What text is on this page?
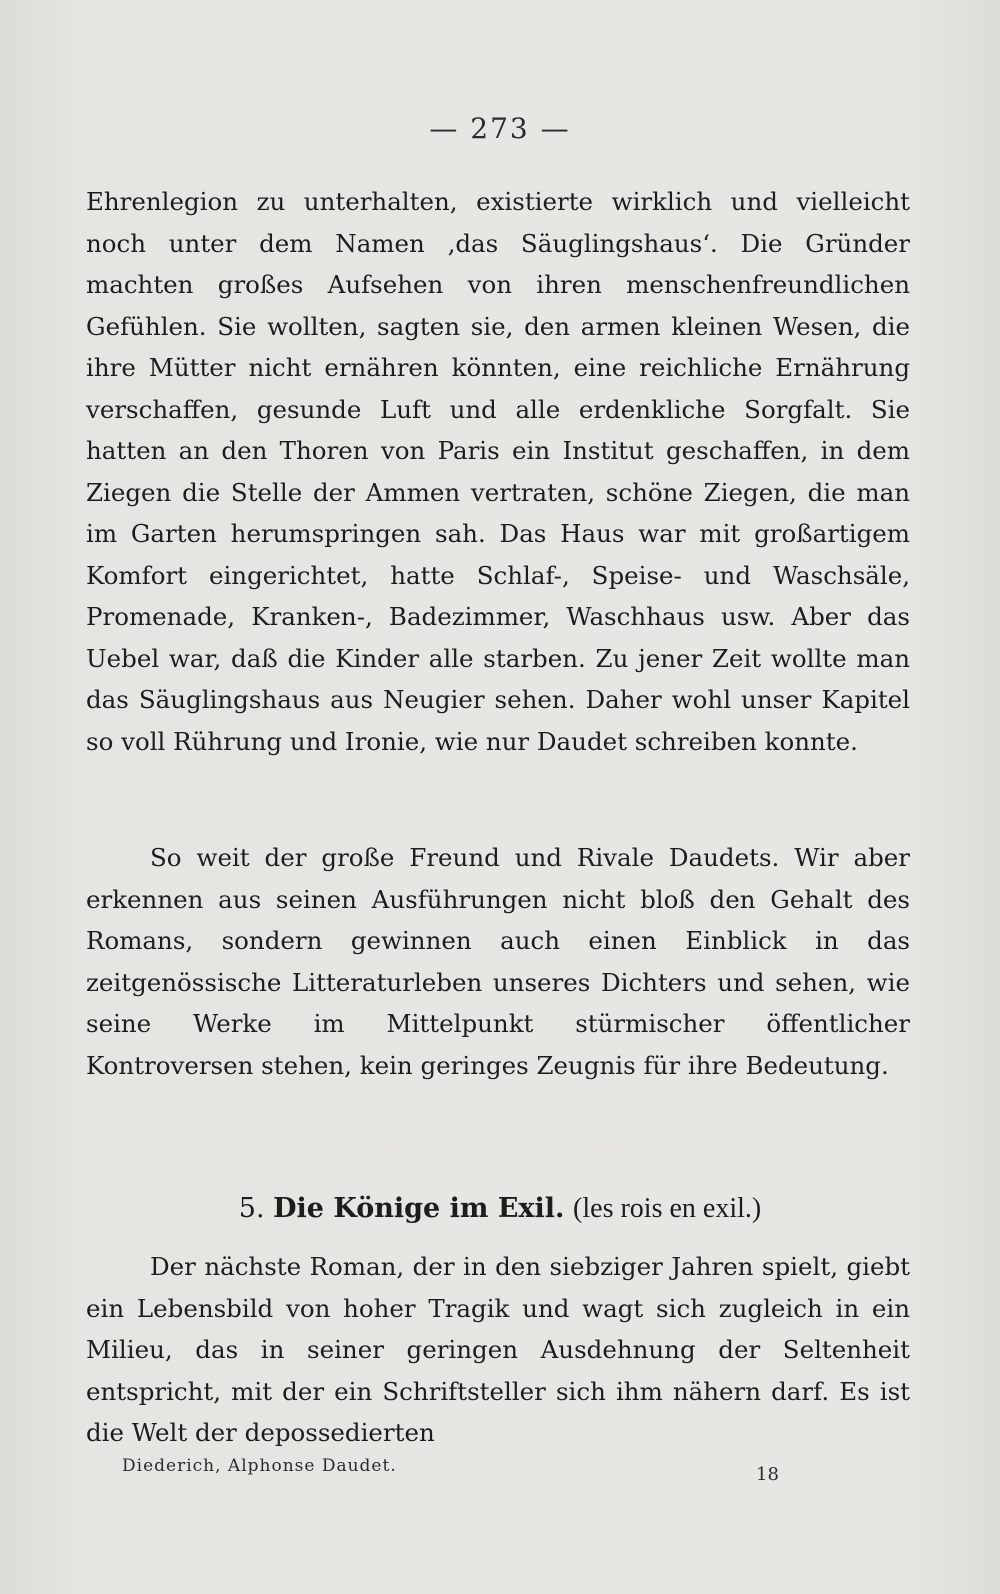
— 273 —

Ehrenlegion zu unterhalten, existierte wirklich und vielleicht noch unter dem Namen ‚das Säuglingshaus‘. Die Gründer machten großes Aufsehen von ihren menschenfreundlichen Gefühlen. Sie wollten, sagten sie, den armen kleinen Wesen, die ihre Mütter nicht ernähren könnten, eine reichliche Ernährung verschaffen, gesunde Luft und alle erdenkliche Sorgfalt. Sie hatten an den Thoren von Paris ein Institut geschaffen, in dem Ziegen die Stelle der Ammen vertraten, schöne Ziegen, die man im Garten herumspringen sah. Das Haus war mit großartigem Komfort eingerichtet, hatte Schlaf-, Speise- und Waschsäle, Promenade, Kranken-, Badezimmer, Waschhaus usw. Aber das Uebel war, daß die Kinder alle starben. Zu jener Zeit wollte man das Säuglingshaus aus Neugier sehen. Daher wohl unser Kapitel so voll Rührung und Ironie, wie nur Daudet schreiben konnte.

So weit der große Freund und Rivale Daudets. Wir aber erkennen aus seinen Ausführungen nicht bloß den Gehalt des Romans, sondern gewinnen auch einen Einblick in das zeitgenössische Litteraturleben unseres Dichters und sehen, wie seine Werke im Mittelpunkt stürmischer öffentlicher Kontroversen stehen, kein geringes Zeugnis für ihre Bedeutung.

5. Die Könige im Exil. (les rois en exil.)

Der nächste Roman, der in den siebziger Jahren spielt, giebt ein Lebensbild von hoher Tragik und wagt sich zugleich in ein Milieu, das in seiner geringen Ausdehnung der Seltenheit entspricht, mit der ein Schriftsteller sich ihm nähern darf. Es ist die Welt der depossedierten

Diederich, Alphonse Daudet.	18
